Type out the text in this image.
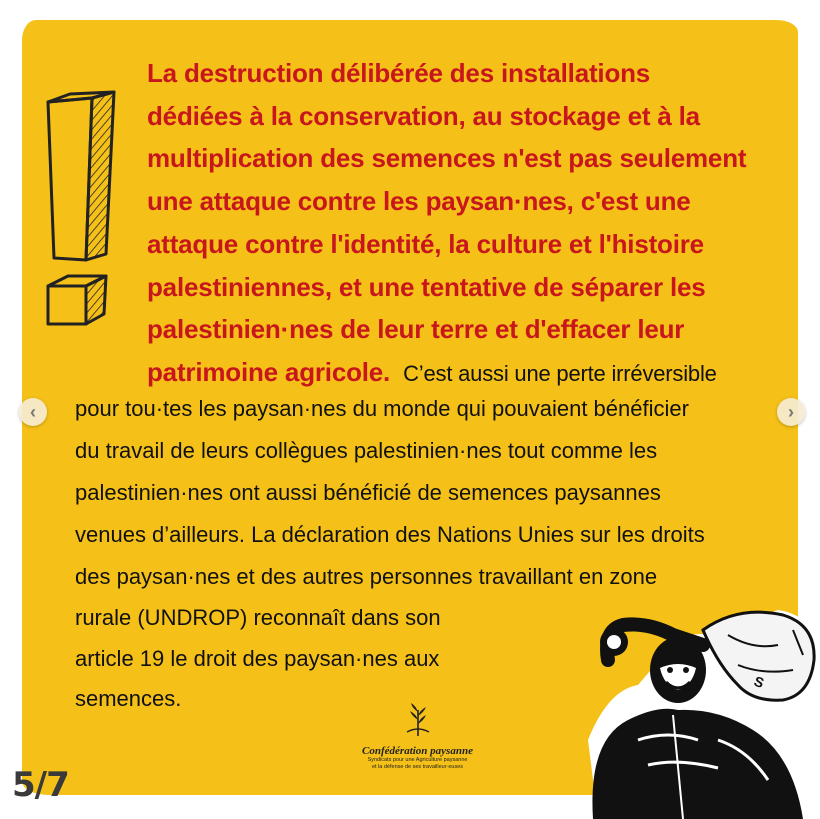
La destruction délibérée des installations
dédiées à la conservation, au stockage et à la
multiplication des semences n'est pas seulement
une attaque contre les paysan·nes, c'est une
attaque contre l'identité, la culture et l'histoire
palestiniennes, et une tentative de séparer les
palestinien·nes de leur terre et d'effacer leur
patrimoine agricole. C’est aussi une perte irréversible
pour tou·tes les paysan·nes du monde qui pouvaient bénéficier
du travail de leurs collègues palestinien·nes tout comme les
palestinien·nes ont aussi bénéficié de semences paysannes
venues d’ailleurs. La déclaration des Nations Unies sur les droits
des paysan·nes et des autres personnes travaillant en zone
rurale (UNDROP) reconnaît dans son
article 19 le droit des paysan·nes aux
semences.
‹	›
Confédération paysanne
Syndicats pour une Agriculture paysanne
et la défense de ses travailleur·euses
5/7
S
